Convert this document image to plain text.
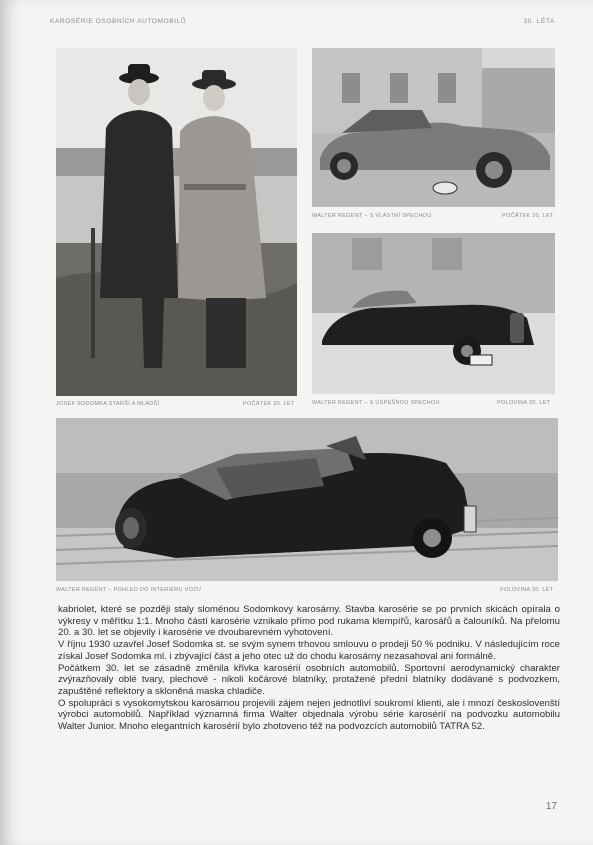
KAROSÉRIE OSOBNÍCH AUTOMOBILŮ	30. LÉTA
JOSEF SODOMKA STARŠÍ A MLADŠÍ	POČÁTEK 30. LET
WALTER REGENT – S VLASTNÍ SPECHOU	POČÁTEK 30. LET
WALTER REGENT – S ÚSPĚŠNOU SPECHOU	POLOVINA 30. LET
WALTER REGENT – POHLED DO INTERIÉRU VOZU	POLOVINA 30. LET

kabriolet, které se později staly sloménou Sodomkovy karosárny. Stavba karosérie se po prvních skicách opírala o výkresy v měřítku 1:1. Mnoho částí karosérie vznikalo přímo pod rukama klempířů, karosářů a čalouníků. Na přelomu 20. a 30. let se objevily i karosérie ve dvoubarevném vyhotovení.

V říjnu 1930 uzavřel Josef Sodomka st. se svým synem trhovou smlouvu o prodeji 50 % podniku. V následujícím roce získal Josef Sodomka ml. i zbývající část a jeho otec už do chodu karosárny nezasahoval ani formálně.

Počátkem 30. let se zásadně změnila křivka karosérií osobních automobilů. Sportovní aerodynamický charakter zvýrazňovaly oblé tvary, plechové - nikoli kočárové blatníky, protažené přední blatníky dodávané s podvozkem, zapuštěné reflektory a skloněná maska chladiče.

O spolupráci s vysokomytskou karosárnou projevili zájem nejen jednotliví soukromí klienti, ale i mnozí českoslovenští výrobci automobilů. Například významná firma Walter objednala výrobu série karosérií na podvozku automobilu Walter Junior. Mnoho elegantních karosérií bylo zhotoveno též na podvozcích automobilů TATRA 52.

17
